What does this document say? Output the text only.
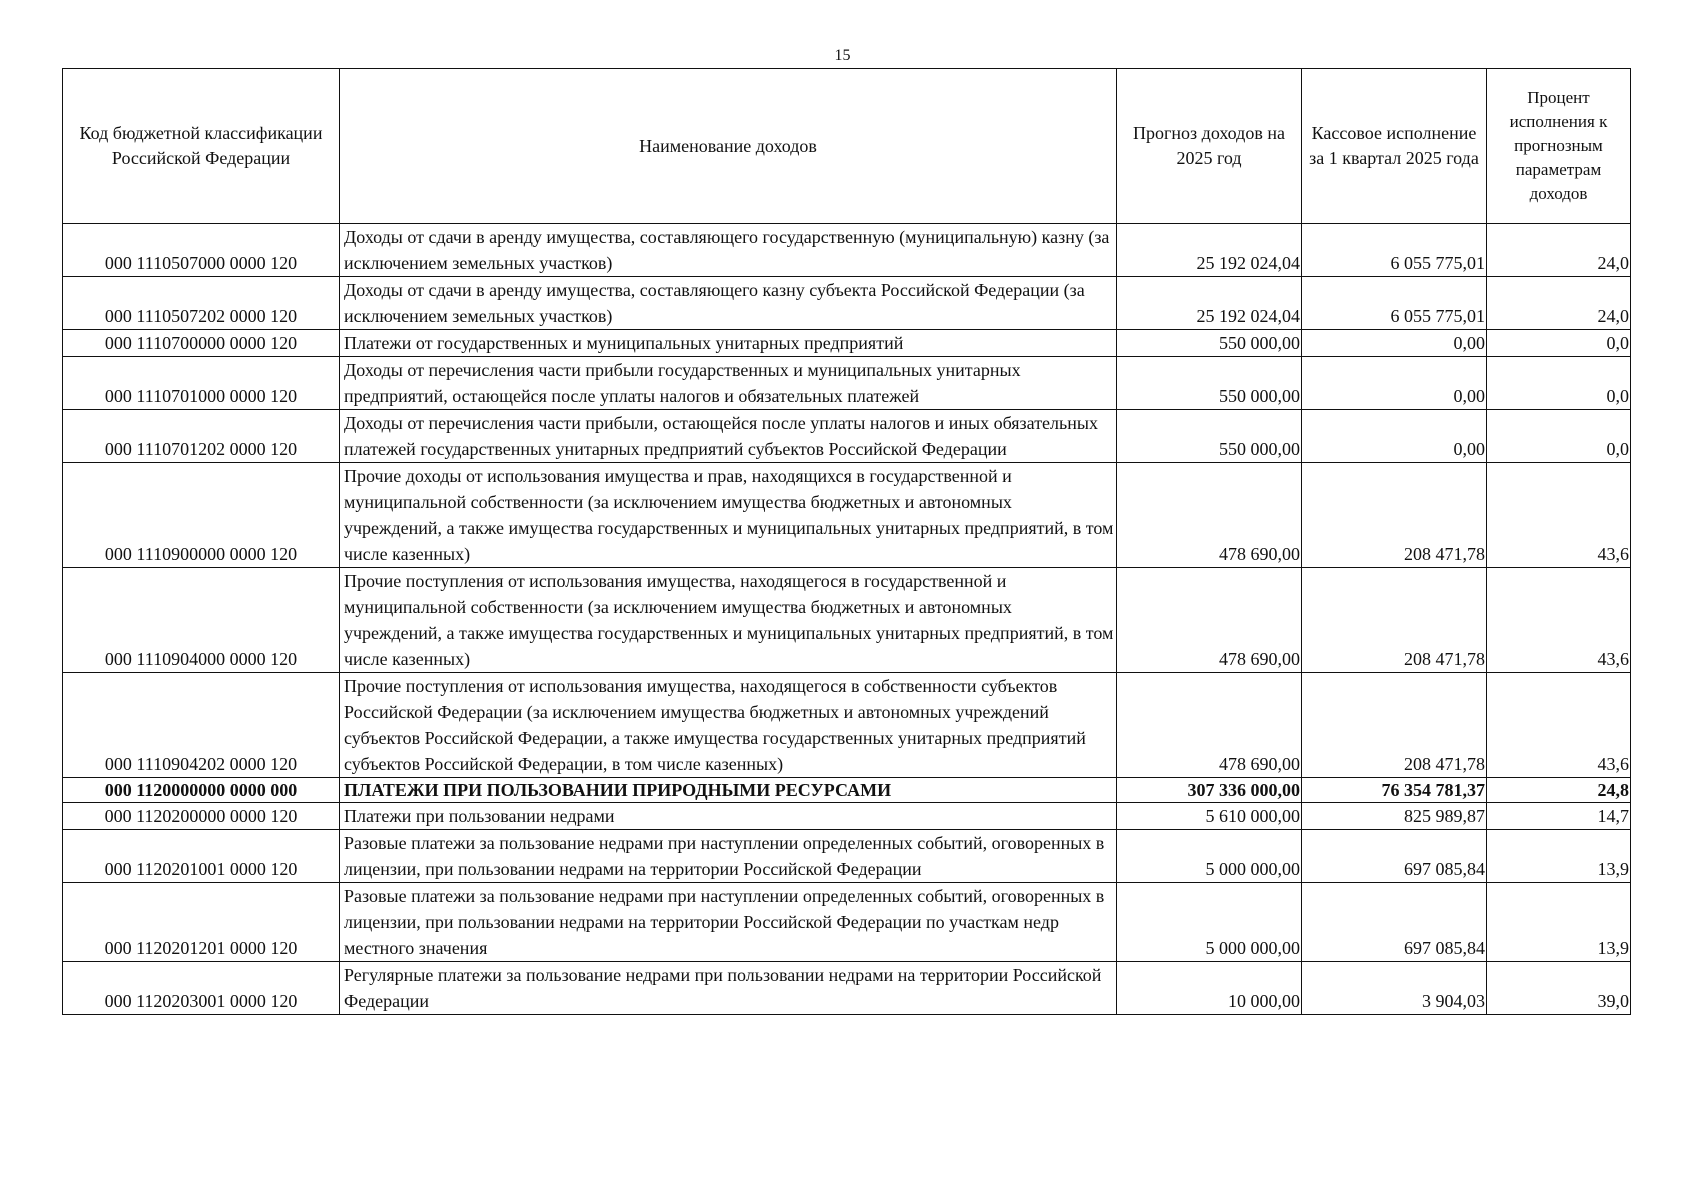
15
Код бюджетной классификации Российской Федерации	Наименование доходов	Прогноз доходов на 2025 год	Кассовое исполнение за 1 квартал 2025 года	Процент исполнения к прогнозным параметрам доходов
000 1110507000 0000 120	Доходы от сдачи в аренду имущества, составляющего государственную (муниципальную) казну (за исключением земельных участков)	25 192 024,04	6 055 775,01	24,0
000 1110507202 0000 120	Доходы от сдачи в аренду имущества, составляющего казну субъекта Российской Федерации (за исключением земельных участков)	25 192 024,04	6 055 775,01	24,0
000 1110700000 0000 120	Платежи от государственных и муниципальных унитарных предприятий	550 000,00	0,00	0,0
000 1110701000 0000 120	Доходы от перечисления части прибыли государственных и муниципальных унитарных предприятий, остающейся после уплаты налогов и обязательных платежей	550 000,00	0,00	0,0
000 1110701202 0000 120	Доходы от перечисления части прибыли, остающейся после уплаты налогов и иных обязательных платежей государственных унитарных предприятий субъектов Российской Федерации	550 000,00	0,00	0,0
000 1110900000 0000 120	Прочие доходы от использования имущества и прав, находящихся в государственной и муниципальной собственности (за исключением имущества бюджетных и автономных учреждений, а также имущества государственных и муниципальных унитарных предприятий, в том числе казенных)	478 690,00	208 471,78	43,6
000 1110904000 0000 120	Прочие поступления от использования имущества, находящегося в государственной и муниципальной собственности (за исключением имущества бюджетных и автономных учреждений, а также имущества государственных и муниципальных унитарных предприятий, в том числе казенных)	478 690,00	208 471,78	43,6
000 1110904202 0000 120	Прочие поступления от использования имущества, находящегося в собственности субъектов Российской Федерации (за исключением имущества бюджетных и автономных учреждений субъектов Российской Федерации, а также имущества государственных унитарных предприятий субъектов Российской Федерации, в том числе казенных)	478 690,00	208 471,78	43,6
000 1120000000 0000 000	ПЛАТЕЖИ ПРИ ПОЛЬЗОВАНИИ ПРИРОДНЫМИ РЕСУРСАМИ	307 336 000,00	76 354 781,37	24,8
000 1120200000 0000 120	Платежи при пользовании недрами	5 610 000,00	825 989,87	14,7
000 1120201001 0000 120	Разовые платежи за пользование недрами при наступлении определенных событий, оговоренных в лицензии, при пользовании недрами на территории Российской Федерации	5 000 000,00	697 085,84	13,9
000 1120201201 0000 120	Разовые платежи за пользование недрами при наступлении определенных событий, оговоренных в лицензии, при пользовании недрами на территории Российской Федерации по участкам недр местного значения	5 000 000,00	697 085,84	13,9
000 1120203001 0000 120	Регулярные платежи за пользование недрами при пользовании недрами на территории Российской Федерации	10 000,00	3 904,03	39,0
